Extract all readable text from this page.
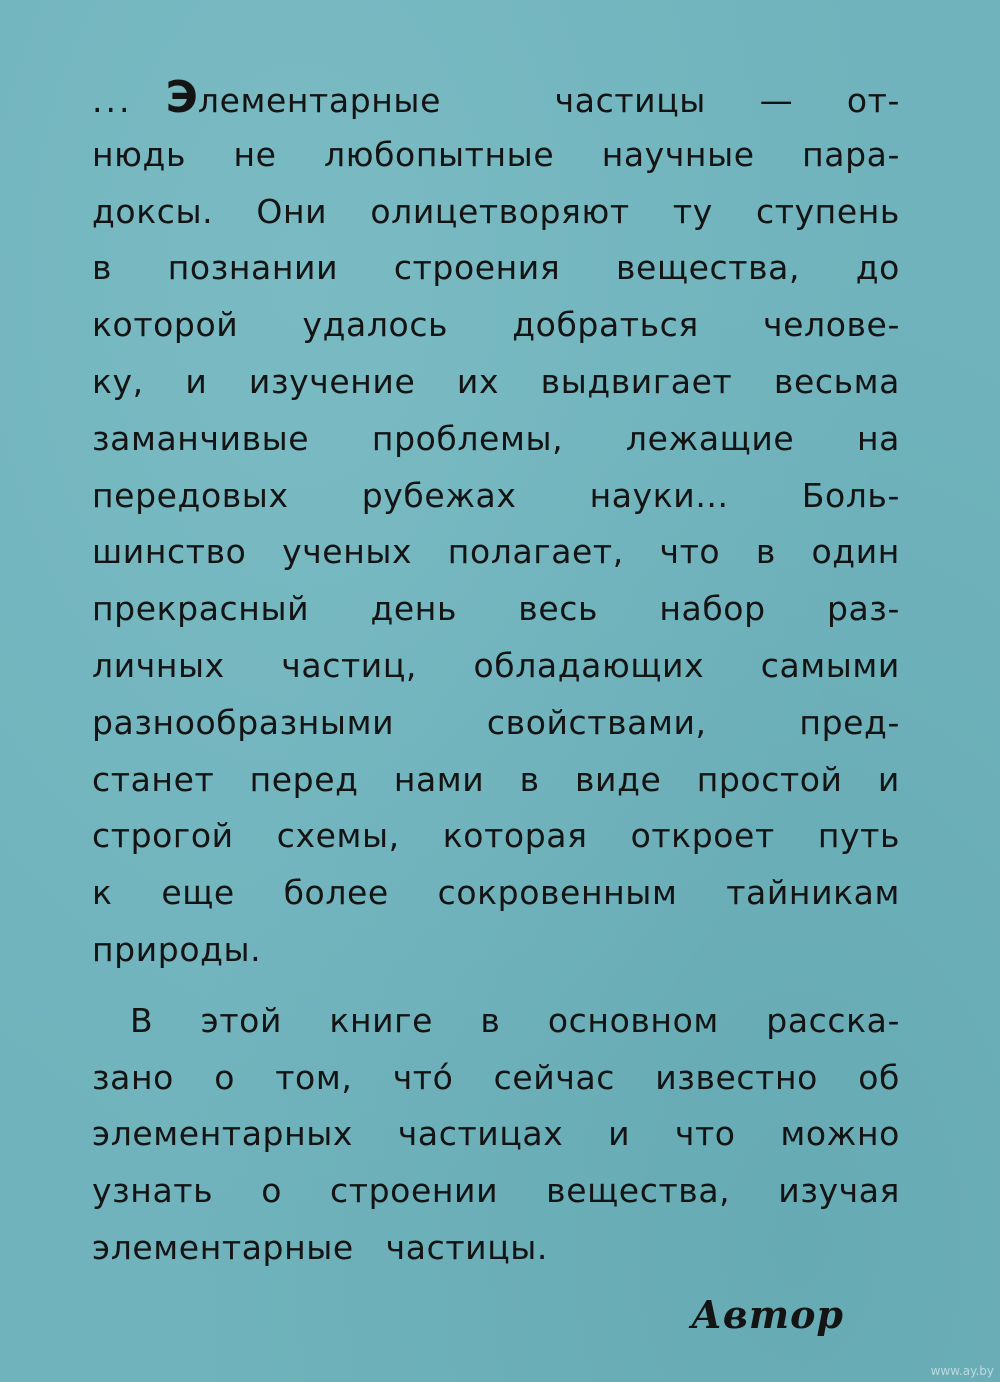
... Элементарные	частицы — от-
нюдь не любопытные научные пара-
доксы. Они олицетворяют ту ступень
в познании строения вещества, до
которой удалось добраться челове-
ку, и изучение их выдвигает весьма
заманчивые проблемы, лежащие на
передовых рубежах науки... Боль-
шинство ученых полагает, что в один
прекрасный день весь набор раз-
личных частиц, обладающих самыми
разнообразными	свойствами,	пред-
станет перед нами в виде простой и
строгой схемы, которая откроет путь
к еще более сокровенным тайникам
природы.
В этой книге в основном расска-
зано о том, чтó сейчас известно об
элементарных частицах и что можно
узнать о строении вещества, изучая
элементарные частицы.
Автор
www.ay.by
